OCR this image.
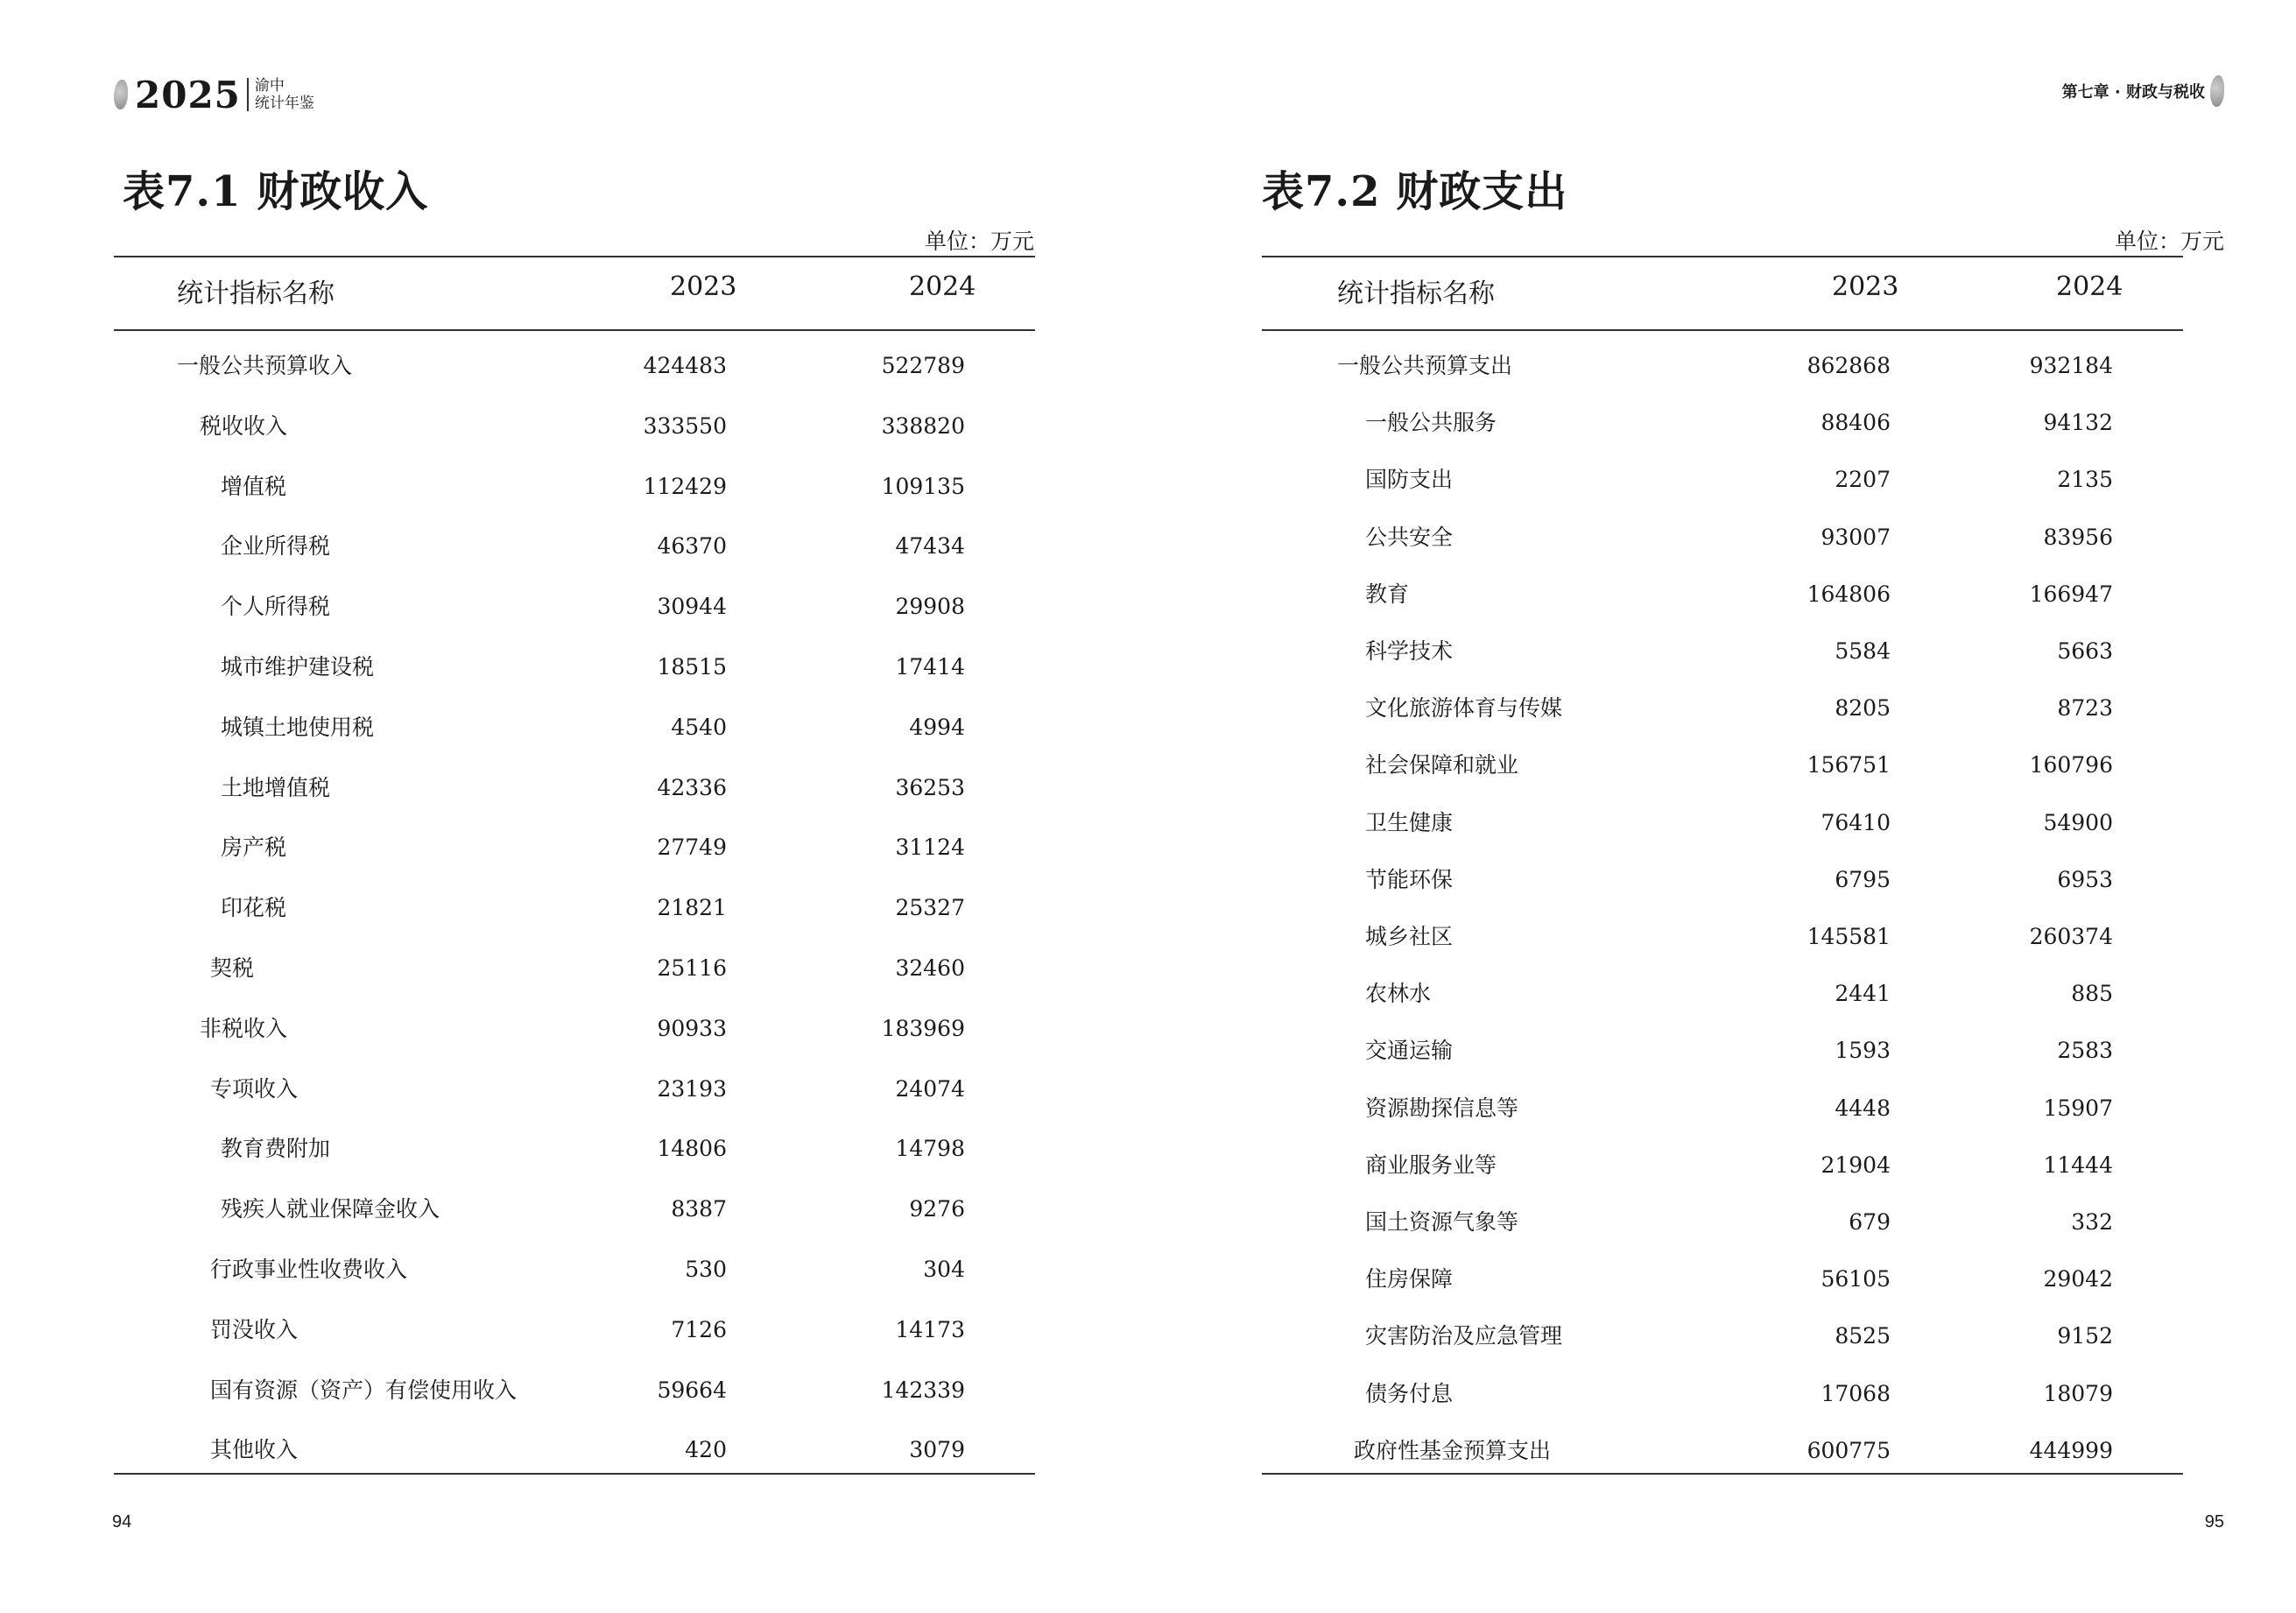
2025 渝中
统计年鉴
表7.1 财政收入
单位：万元
统计指标名称	2023	2024
一般公共预算收入	424483	522789
税收收入	333550	338820
增值税	112429	109135
企业所得税	46370	47434
个人所得税	30944	29908
城市维护建设税	18515	17414
城镇土地使用税	4540	4994
土地增值税	42336	36253
房产税	27749	31124
印花税	21821	25327
契税	25116	32460
非税收入	90933	183969
专项收入	23193	24074
教育费附加	14806	14798
残疾人就业保障金收入	8387	9276
行政事业性收费收入	530	304
罚没收入	7126	14173
国有资源（资产）有偿使用收入	59664	142339
其他收入	420	3079
94
第七章 · 财政与税收
表7.2 财政支出
单位：万元
统计指标名称	2023	2024
一般公共预算支出	862868	932184
一般公共服务	88406	94132
国防支出	2207	2135
公共安全	93007	83956
教育	164806	166947
科学技术	5584	5663
文化旅游体育与传媒	8205	8723
社会保障和就业	156751	160796
卫生健康	76410	54900
节能环保	6795	6953
城乡社区	145581	260374
农林水	2441	885
交通运输	1593	2583
资源勘探信息等	4448	15907
商业服务业等	21904	11444
国土资源气象等	679	332
住房保障	56105	29042
灾害防治及应急管理	8525	9152
债务付息	17068	18079
政府性基金预算支出	600775	444999
95
